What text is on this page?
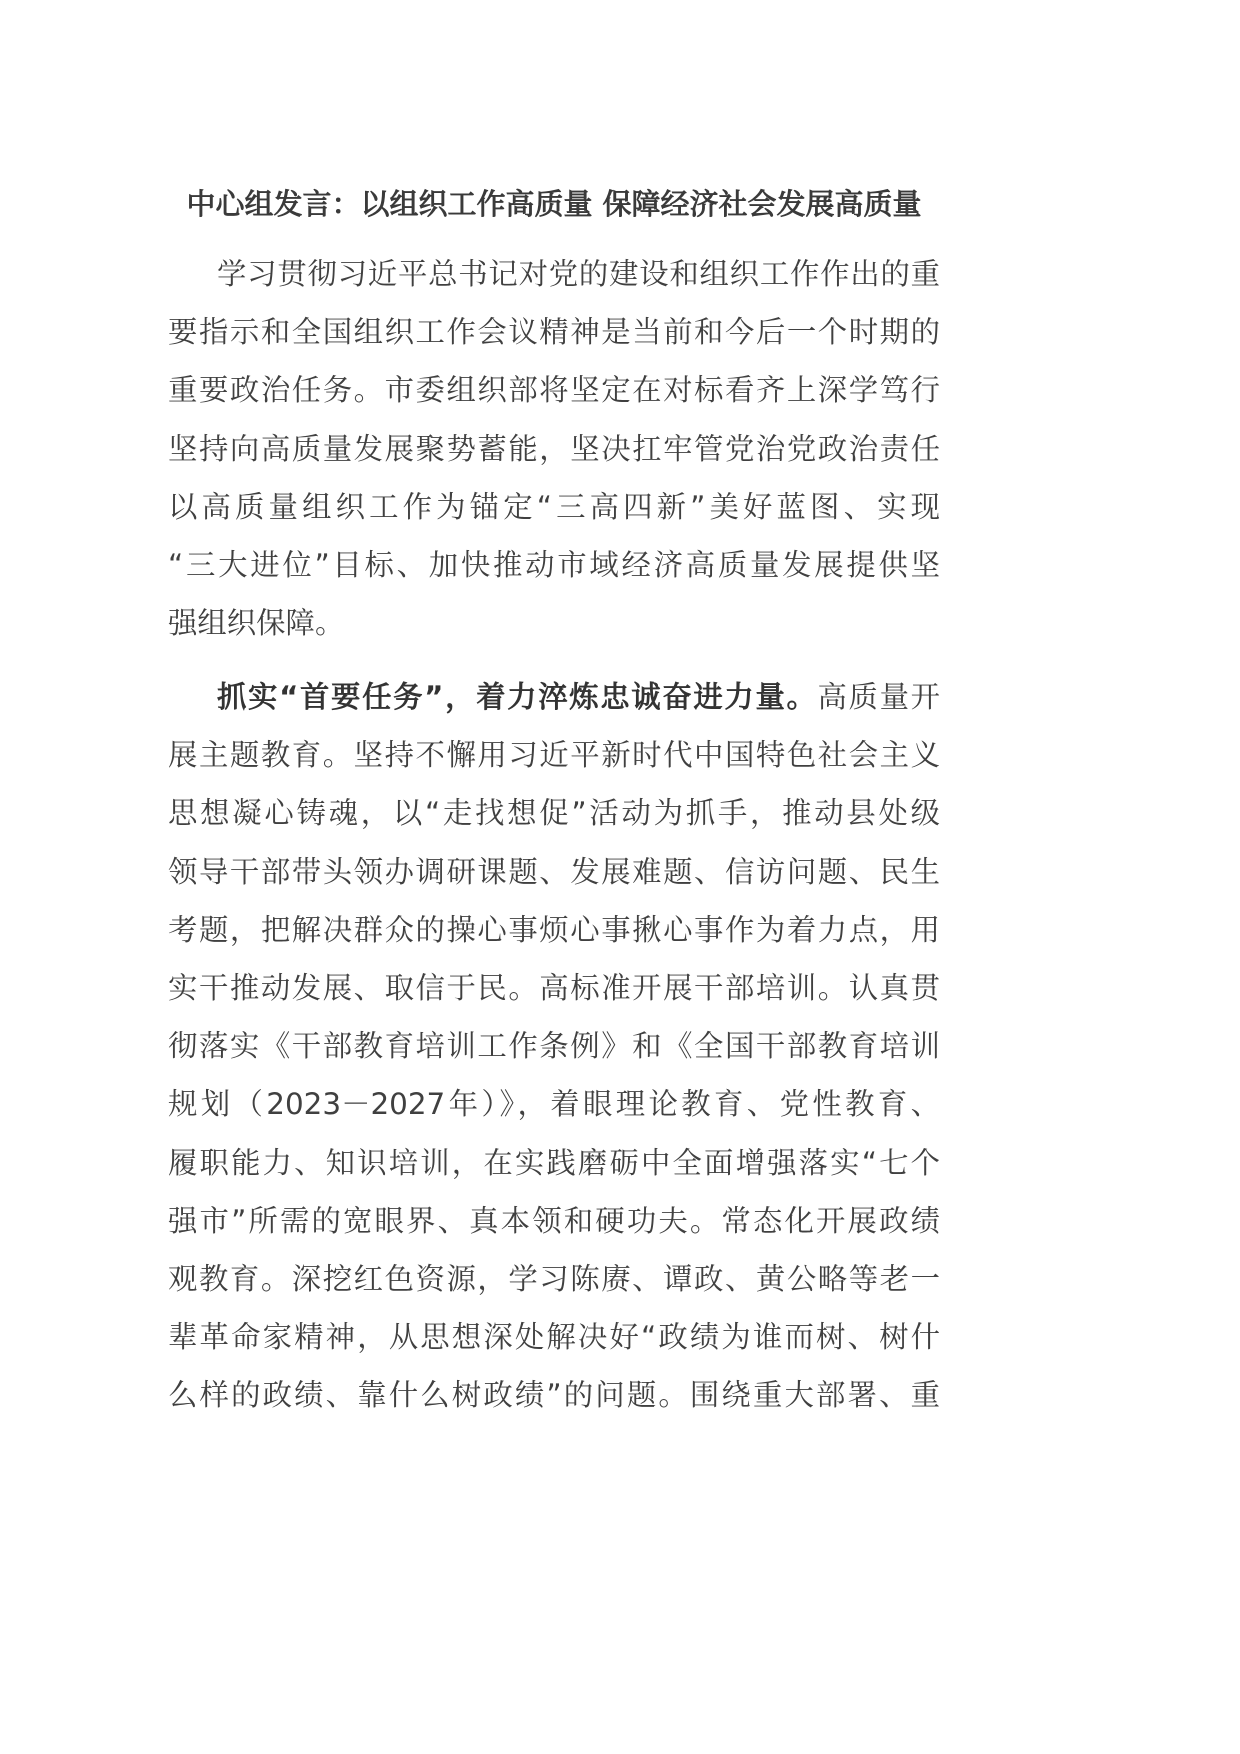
中心组发言：以组织工作高质量 保障经济社会发展高质量
学习贯彻习近平总书记对党的建设和组织工作作出的重
要指示和全国组织工作会议精神是当前和今后一个时期的
重要政治任务。市委组织部将坚定在对标看齐上深学笃行
坚持向高质量发展聚势蓄能，坚决扛牢管党治党政治责任
以高质量组织工作为锚定“三高四新”美好蓝图、实现
“三大进位”目标、加快推动市域经济高质量发展提供坚
强组织保障。
抓实“首要任务”，着力淬炼忠诚奋进力量。高质量开
展主题教育。坚持不懈用习近平新时代中国特色社会主义
思想凝心铸魂，以“走找想促”活动为抓手，推动县处级
领导干部带头领办调研课题、发展难题、信访问题、民生
考题，把解决群众的操心事烦心事揪心事作为着力点，用
实干推动发展、取信于民。高标准开展干部培训。认真贯
彻落实《干部教育培训工作条例》和《全国干部教育培训
规划（2023－2027年）》，着眼理论教育、党性教育、
履职能力、知识培训，在实践磨砺中全面增强落实“七个
强市”所需的宽眼界、真本领和硬功夫。常态化开展政绩
观教育。深挖红色资源，学习陈赓、谭政、黄公略等老一
辈革命家精神，从思想深处解决好“政绩为谁而树、树什
么样的政绩、靠什么树政绩”的问题。围绕重大部署、重
